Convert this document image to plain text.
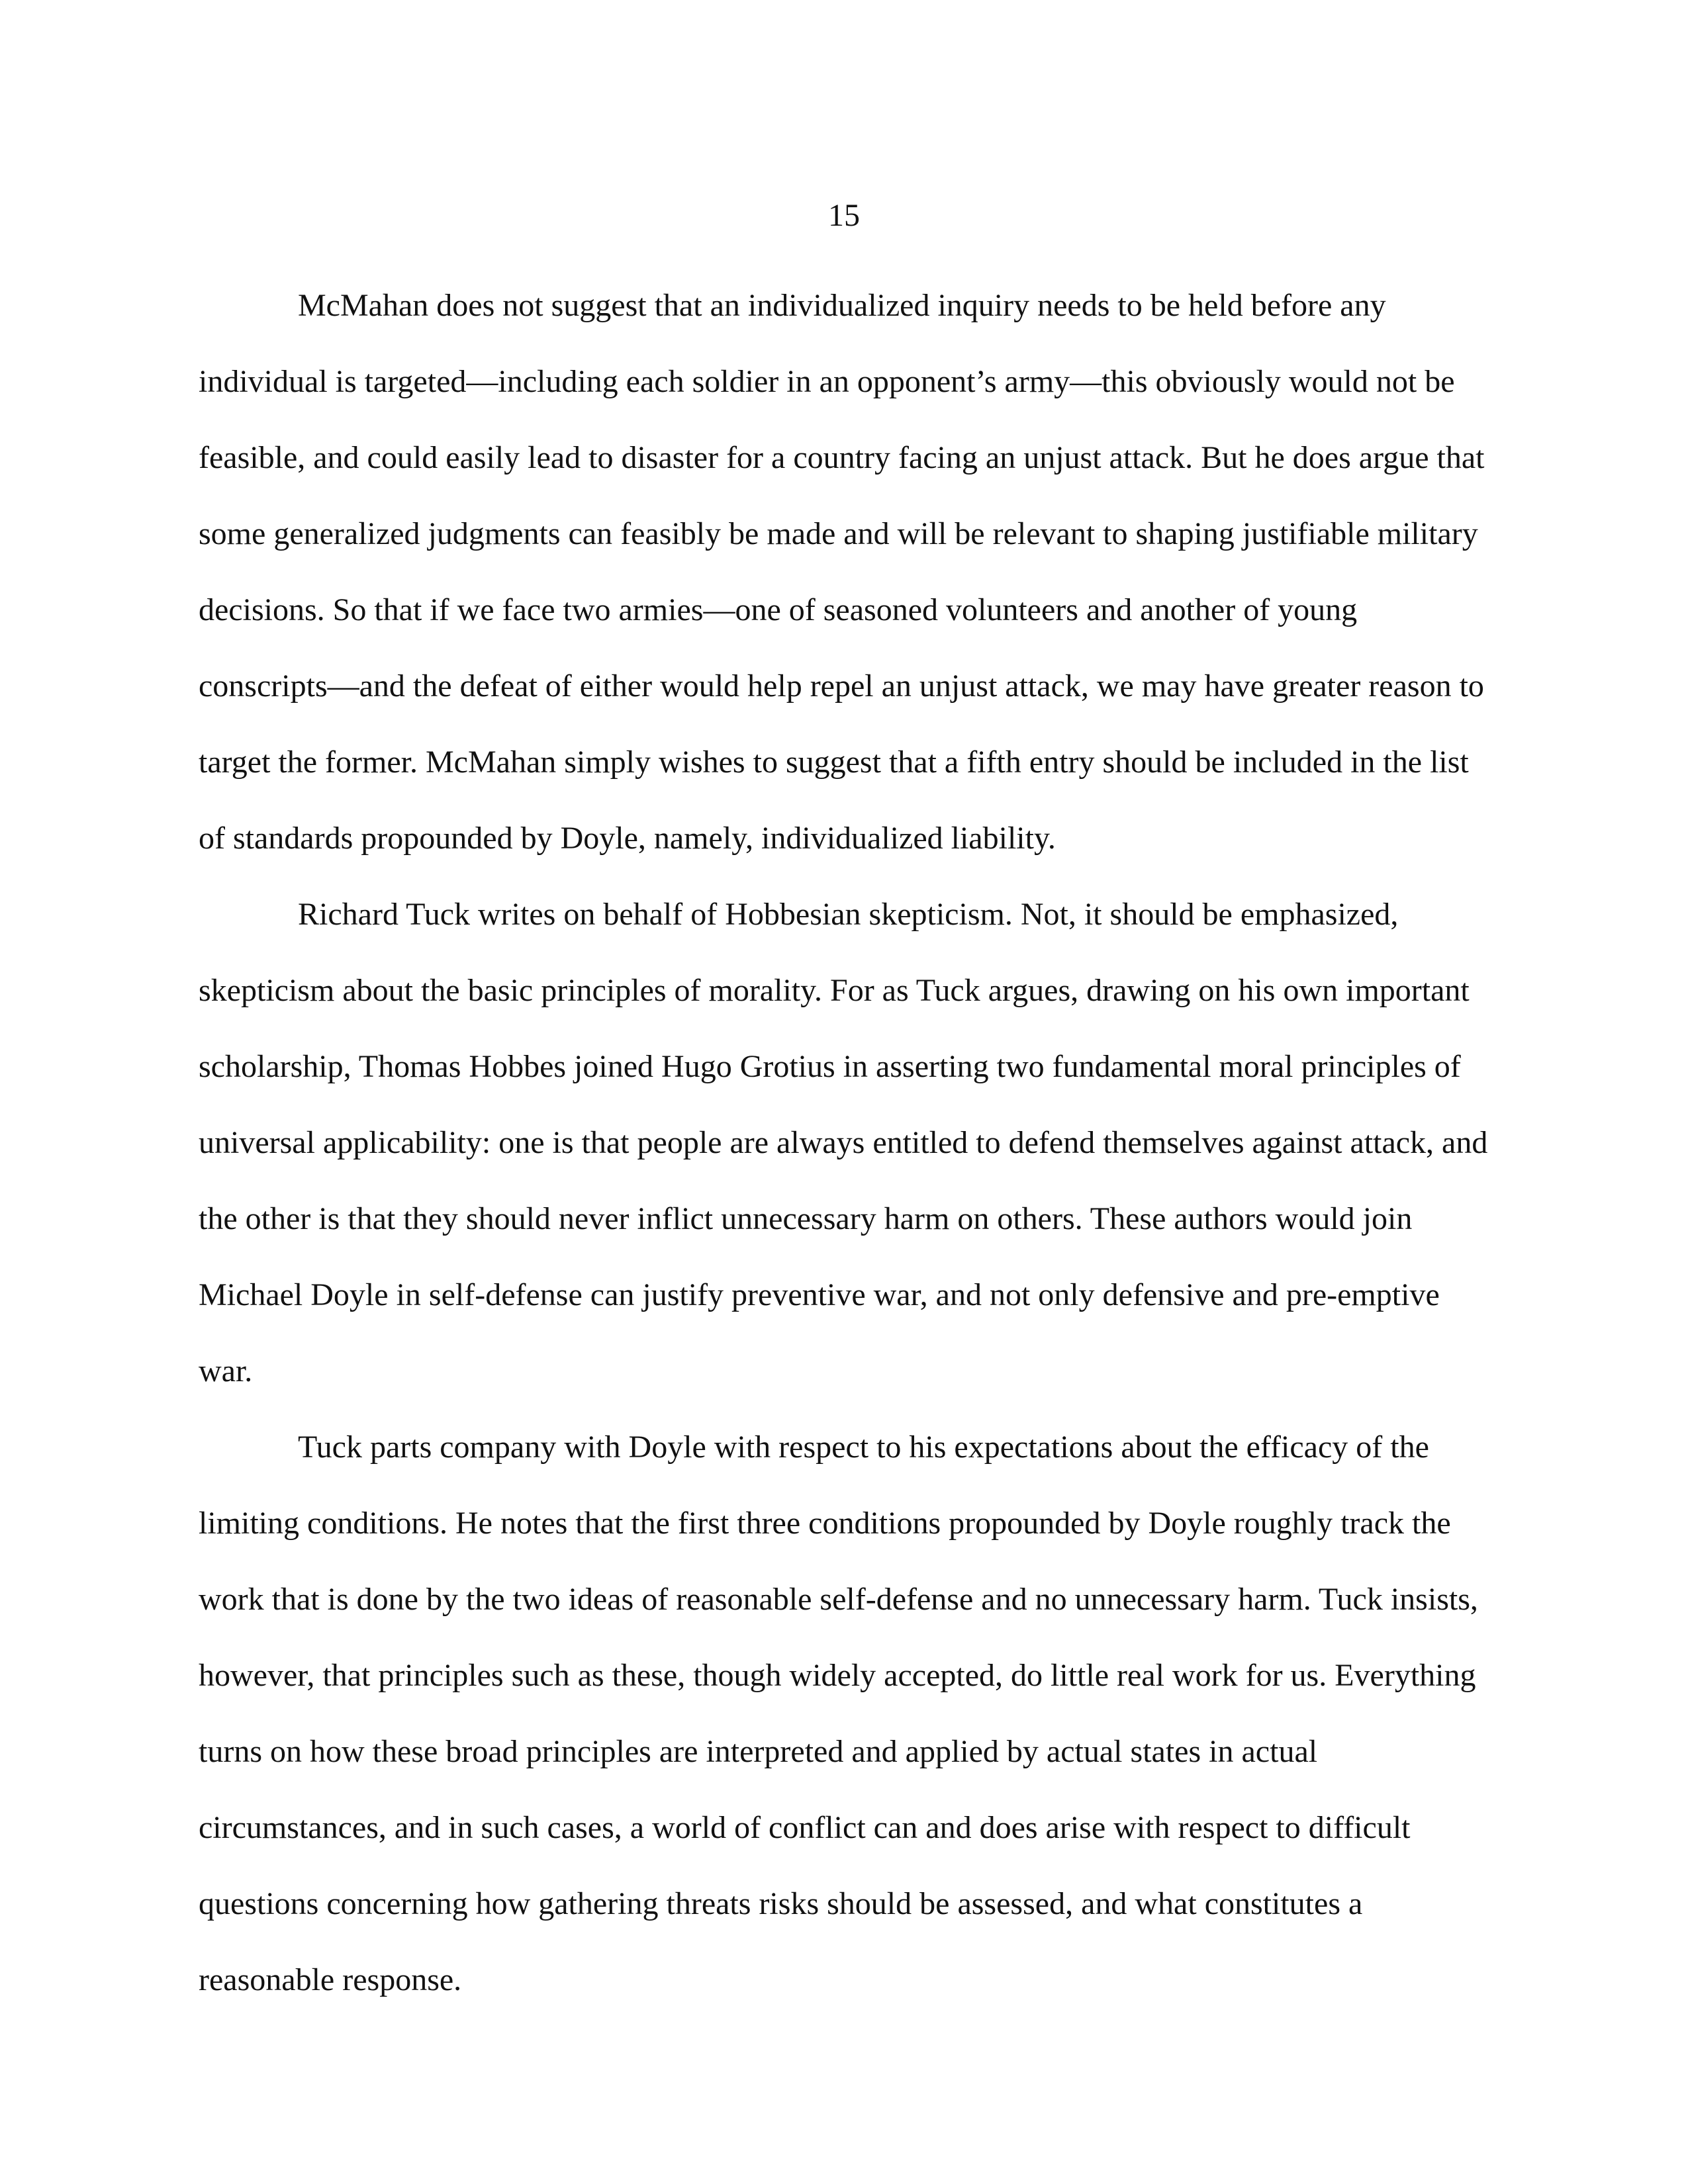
15

McMahan does not suggest that an individualized inquiry needs to be held before any individual is targeted—including each soldier in an opponent’s army—this obviously would not be feasible, and could easily lead to disaster for a country facing an unjust attack. But he does argue that some generalized judgments can feasibly be made and will be relevant to shaping justifiable military decisions. So that if we face two armies—one of seasoned volunteers and another of young conscripts—and the defeat of either would help repel an unjust attack, we may have greater reason to target the former. McMahan simply wishes to suggest that a fifth entry should be included in the list of standards propounded by Doyle, namely, individualized liability.

Richard Tuck writes on behalf of Hobbesian skepticism. Not, it should be emphasized, skepticism about the basic principles of morality. For as Tuck argues, drawing on his own important scholarship, Thomas Hobbes joined Hugo Grotius in asserting two fundamental moral principles of universal applicability: one is that people are always entitled to defend themselves against attack, and the other is that they should never inflict unnecessary harm on others. These authors would join Michael Doyle in self-defense can justify preventive war, and not only defensive and pre-emptive war.

Tuck parts company with Doyle with respect to his expectations about the efficacy of the limiting conditions. He notes that the first three conditions propounded by Doyle roughly track the work that is done by the two ideas of reasonable self-defense and no unnecessary harm. Tuck insists, however, that principles such as these, though widely accepted, do little real work for us. Everything turns on how these broad principles are interpreted and applied by actual states in actual circumstances, and in such cases, a world of conflict can and does arise with respect to difficult questions concerning how gathering threats risks should be assessed, and what constitutes a reasonable response.
